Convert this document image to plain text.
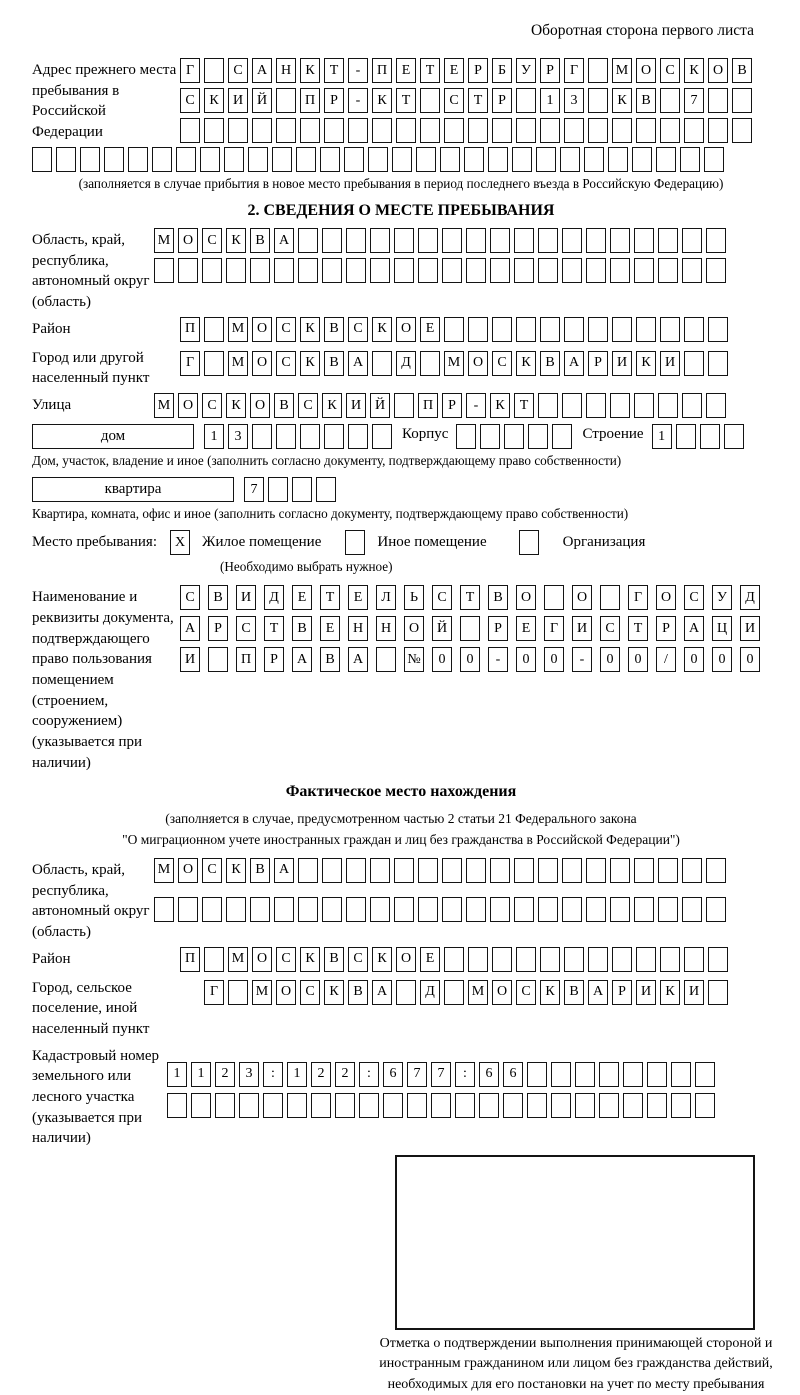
Оборотная сторона первого листа
Адрес прежнего места пребывания в Российской Федерации
Г	С	А Н	К	Т	-	П	Е	Т	Е	Р	Б	У	Р	Г	М О	С	К	О	В
С	К	И Й	П	Р	-	К	Т	С	Т	Р	1	3	К	В	7
(заполняется в случае прибытия в новое место пребывания в период последнего въезда в Российскую Федерацию)
2. СВЕДЕНИЯ О МЕСТЕ ПРЕБЫВАНИЯ
Область, край, республика, автономный округ (область)
М О	С	К	В	А
Район	П	М О	С	К	В	С	К	О	Е
Город или другой населенный пункт
Г	М О	С	К	В	А	Д	М О	С	К	В	А	Р	И	К	И
Улица	М О	С	К	О	В	С	К	И Й	П	Р	-	К	Т
дом	1	3	Корпус	Строение	1
Дом, участок, владение и иное (заполнить согласно документу, подтверждающему право собственности)
квартира	7
Квартира, комната, офис и иное (заполнить согласно документу, подтверждающему право собственности)
Место пребывания:	X	Жилое помещение	Иное помещение	Организация
(Необходимо выбрать нужное)
Наименование и реквизиты документа, подтверждающего право пользования помещением (строением, сооружением) (указывается при наличии)
С	В	И	Д	Е	Т	Е	Л	Ь	С	Т	В	О	О	Г	О	С	У	Д
А	Р	С	Т	В	Е	Н	Н	О	Й	Р	Е	Г	И	С	Т	Р	А	Ц	И
И	П	Р	А	В	А	№	0	0	-	0	0	-	0	0	/	0	0	0
Фактическое место нахождения
(заполняется в случае, предусмотренном частью 2 статьи 21 Федерального закона
"О миграционном учете иностранных граждан и лиц без гражданства в Российской Федерации")
Область, край, республика, автономный округ (область)
М О	С	К	В	А
Район	П	М О	С	К	В	С	К	О	Е
Город, сельское поселение, иной населенный пункт
Г	М О	С	К	В	А	Д	М О	С	К	В	А	Р	И	К	И
Кадастровый номер земельного или лесного участка (указывается при наличии)
1	1	2	3	:	1	2	2	:	6	7	7	:	6	6
Отметка о подтверждении выполнения принимающей стороной и иностранным гражданином или лицом без гражданства действий, необходимых для его постановки на учет по месту пребывания
